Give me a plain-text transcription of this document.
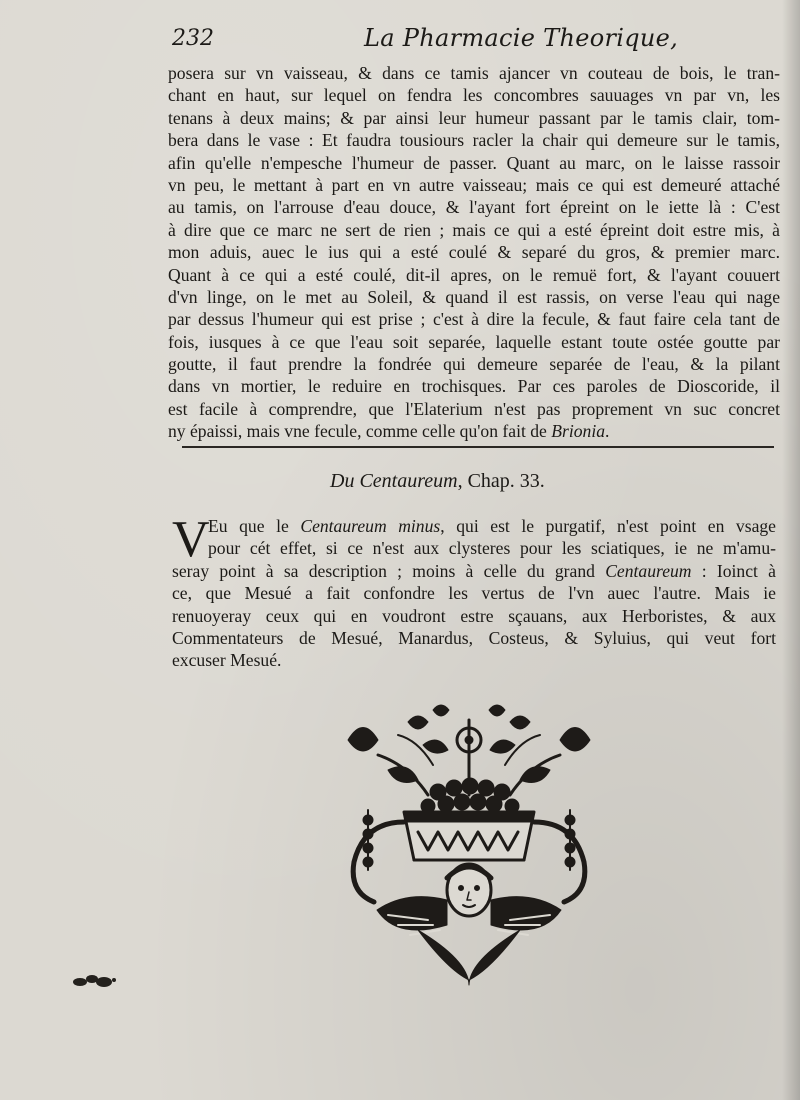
232	La Pharmacie Theorique,
posera sur vn vaisseau, & dans ce tamis ajancer vn couteau de bois, le tran-
chant en haut, sur lequel on fendra les concombres sauuages vn par vn, les
tenans à deux mains; & par ainsi leur humeur passant par le tamis clair, tom-
bera dans le vase : Et faudra tousiours racler la chair qui demeure sur le tamis,
afin qu'elle n'empesche l'humeur de passer. Quant au marc, on le laisse rassoir
vn peu, le mettant à part en vn autre vaisseau; mais ce qui est demeuré attaché
au tamis, on l'arrouse d'eau douce, & l'ayant fort épreint on le iette là : C'est
à dire que ce marc ne sert de rien ; mais ce qui a esté épreint doit estre mis, à
mon aduis, auec le ius qui a esté coulé & separé du gros, & premier marc.
Quant à ce qui a esté coulé, dit-il apres, on le remuë fort, & l'ayant couuert
d'vn linge, on le met au Soleil, & quand il est rassis, on verse l'eau qui nage
par dessus l'humeur qui est prise ; c'est à dire la fecule, & faut faire cela tant de
fois, iusques à ce que l'eau soit separée, laquelle estant toute ostée goutte par
goutte, il faut prendre la fondrée qui demeure separée de l'eau, & la pilant
dans vn mortier, le reduire en trochisques. Par ces paroles de Dioscoride, il
est facile à comprendre, que l'Elaterium n'est pas proprement vn suc concret
ny épaissi, mais vne fecule, comme celle qu'on fait de Brionia.
Du Centaureum, Chap. 33.
V
Eu que le Centaureum minus, qui est le purgatif, n'est point en vsage
pour cét effet, si ce n'est aux clysteres pour les sciatiques, ie ne m'amu-
seray point à sa description ; moins à celle du grand Centaureum : Ioinct à
ce, que Mesué a fait confondre les vertus de l'vn auec l'autre. Mais ie
renuoyeray ceux qui en voudront estre sçauans, aux Herboristes, & aux
Commentateurs de Mesué, Manardus, Costeus, & Syluius, qui veut fort
excuser Mesué.
